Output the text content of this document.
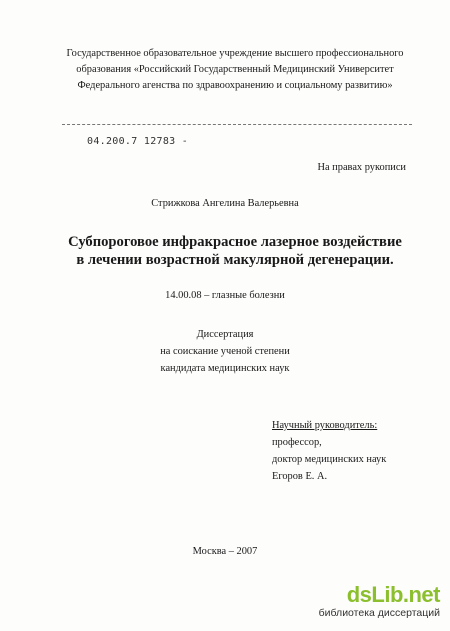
Государственное образовательное учреждение высшего профессионального
образования «Российский Государственный Медицинский Университет
Федерального агенства по здравоохранению и социальному развитию»
04.200.7 12783 -
На правах рукописи
Стрижкова Ангелина Валерьевна
Субпороговое инфракрасное лазерное воздействие
в лечении возрастной макулярной дегенерации.
14.00.08 – глазные болезни
Диссертация
на соискание ученой степени
кандидата медицинских наук
Научный руководитель:
профессор,
доктор медицинских наук
Егоров Е. А.
Москва – 2007
dsLib.net
библиотека диссертаций
